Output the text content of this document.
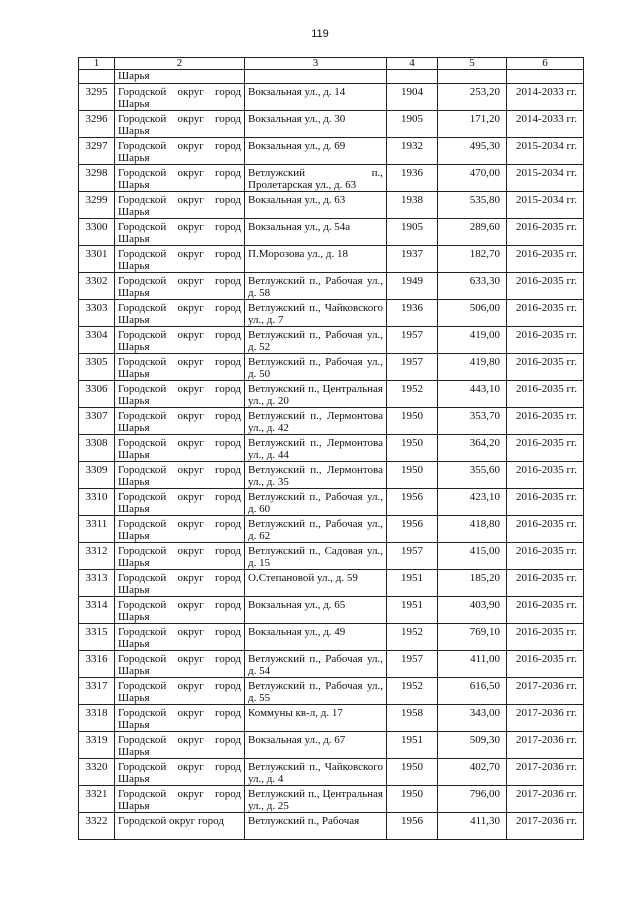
119
1	2	3	4	5	6
	Шарья				
3295	Городской округ город Шарья	Вокзальная ул., д. 14	1904	253,20	2014-2033 гг.
3296	Городской округ город Шарья	Вокзальная ул., д. 30	1905	171,20	2014-2033 гг.
3297	Городской округ город Шарья	Вокзальная ул., д. 69	1932	495,30	2015-2034 гг.
3298	Городской округ город Шарья	Ветлужский п., Пролетарская ул., д. 63	1936	470,00	2015-2034 гг.
3299	Городской округ город Шарья	Вокзальная ул., д. 63	1938	535,80	2015-2034 гг.
3300	Городской округ город Шарья	Вокзальная ул., д. 54а	1905	289,60	2016-2035 гг.
3301	Городской округ город Шарья	П.Морозова ул., д. 18	1937	182,70	2016-2035 гг.
3302	Городской округ город Шарья	Ветлужский п., Рабочая ул., д. 58	1949	633,30	2016-2035 гг.
3303	Городской округ город Шарья	Ветлужский п., Чайковского ул., д. 7	1936	506,00	2016-2035 гг.
3304	Городской округ город Шарья	Ветлужский п., Рабочая ул., д. 52	1957	419,00	2016-2035 гг.
3305	Городской округ город Шарья	Ветлужский п., Рабочая ул., д. 50	1957	419,80	2016-2035 гг.
3306	Городской округ город Шарья	Ветлужский п., Центральная ул., д. 20	1952	443,10	2016-2035 гг.
3307	Городской округ город Шарья	Ветлужский п., Лермонтова ул., д. 42	1950	353,70	2016-2035 гг.
3308	Городской округ город Шарья	Ветлужский п., Лермонтова ул., д. 44	1950	364,20	2016-2035 гг.
3309	Городской округ город Шарья	Ветлужский п., Лермонтова ул., д. 35	1950	355,60	2016-2035 гг.
3310	Городской округ город Шарья	Ветлужский п., Рабочая ул., д. 60	1956	423,10	2016-2035 гг.
3311	Городской округ город Шарья	Ветлужский п., Рабочая ул., д. 62	1956	418,80	2016-2035 гг.
3312	Городской округ город Шарья	Ветлужский п., Садовая ул., д. 15	1957	415,00	2016-2035 гг.
3313	Городской округ город Шарья	О.Степановой ул., д. 59	1951	185,20	2016-2035 гг.
3314	Городской округ город Шарья	Вокзальная ул., д. 65	1951	403,90	2016-2035 гг.
3315	Городской округ город Шарья	Вокзальная ул., д. 49	1952	769,10	2016-2035 гг.
3316	Городской округ город Шарья	Ветлужский п., Рабочая ул., д. 54	1957	411,00	2016-2035 гг.
3317	Городской округ город Шарья	Ветлужский п., Рабочая ул., д. 55	1952	616,50	2017-2036 гг.
3318	Городской округ город Шарья	Коммуны кв-л, д. 17	1958	343,00	2017-2036 гг.
3319	Городской округ город Шарья	Вокзальная ул., д. 67	1951	509,30	2017-2036 гг.
3320	Городской округ город Шарья	Ветлужский п., Чайковского ул., д. 4	1950	402,70	2017-2036 гг.
3321	Городской округ город Шарья	Ветлужский п., Центральная ул., д. 25	1950	796,00	2017-2036 гг.
3322	Городской округ город	Ветлужский п., Рабочая	1956	411,30	2017-2036 гг.
